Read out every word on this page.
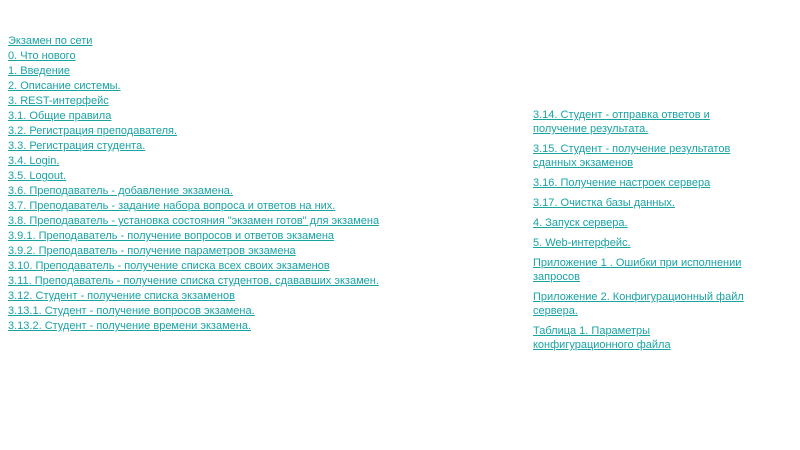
Экзамен по сети
0. Что нового
1. Введение
2. Описание системы.
3. REST-интерфейс
3.1. Общие правила
3.2. Регистрация преподавателя.
3.3. Регистрация студента.
3.4. Login.
3.5. Logout.
3.6. Преподаватель - добавление экзамена.
3.7. Преподаватель - задание набора вопроса и ответов на них.
3.8. Преподаватель - установка состояния "экзамен готов" для экзамена
3.9.1. Преподаватель - получение вопросов и ответов экзамена
3.9.2. Преподаватель - получение параметров экзамена
3.10. Преподаватель - получение списка всех своих экзаменов
3.11. Преподаватель - получение списка студентов, сдававших экзамен.
3.12. Студент - получение списка экзаменов
3.13.1. Студент - получение вопросов экзамена.
3.13.2. Студент - получение времени экзамена.
3.14. Студент - отправка ответов и получение результата.
3.15. Студент - получение результатов сданных экзаменов
3.16. Получение настроек сервера
3.17. Очистка базы данных.
4. Запуск сервера.
5. Web-интерфейс.
Приложение 1 . Ошибки при исполнении запросов
Приложение 2. Конфигурационный файл сервера.
Таблица 1. Параметры конфигурационного файла
